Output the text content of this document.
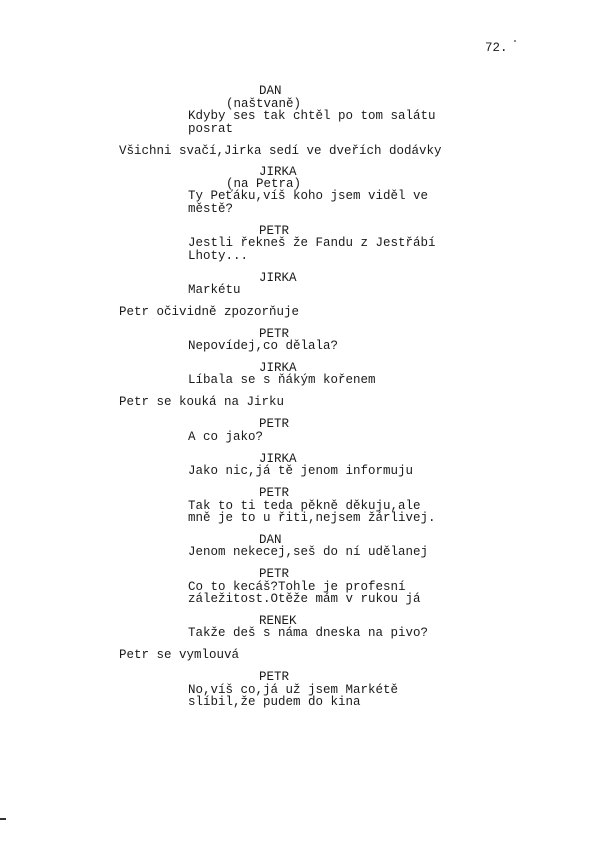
72.
DAN
(naštvaně)
Kdyby ses tak chtěl po tom salátu
posrat
Všichni svačí,Jirka sedí ve dveřích dodávky
JIRKA
(na Petra)
Ty Peťáku,víš koho jsem viděl ve
městě?
PETR
Jestli řekneš že Fandu z Jestřábí
Lhoty...
JIRKA
Markétu
Petr očividně zpozorňuje
PETR
Nepovídej,co dělala?
JIRKA
Líbala se s ňákým kořenem
Petr se kouká na Jirku
PETR
A co jako?
JIRKA
Jako nic,já tě jenom informuju
PETR
Tak to ti teda pěkně děkuju,ale
mně je to u řiti,nejsem žárlivej.
DAN
Jenom nekecej,seš do ní udělanej
PETR
Co to kecáš?Tohle je profesní
záležitost.Otěže mám v rukou já
RENEK
Takže deš s náma dneska na pivo?
Petr se vymlouvá
PETR
No,víš co,já už jsem Markétě
slíbil,že pudem do kina
